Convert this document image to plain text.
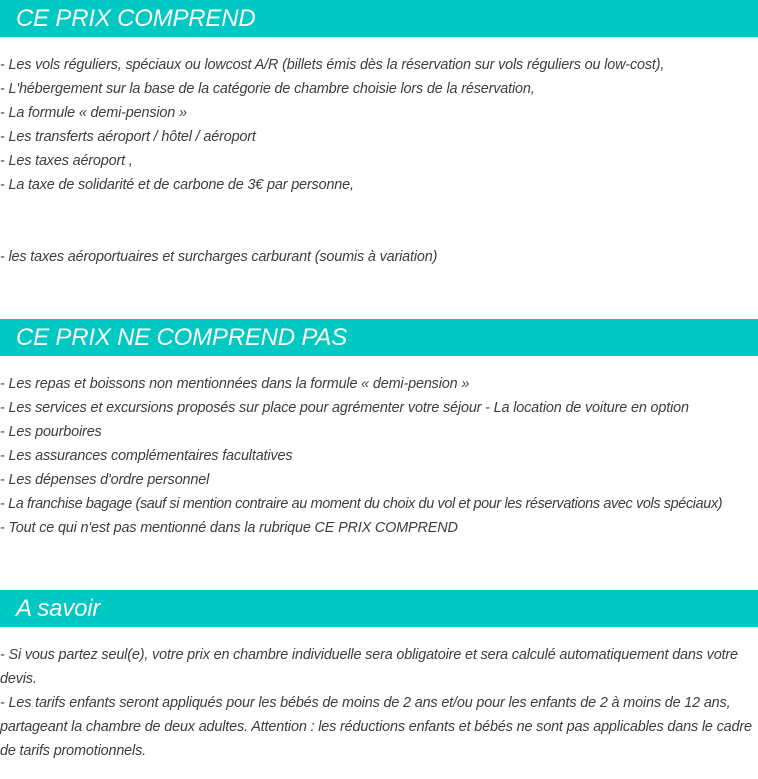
CE PRIX COMPREND
- Les vols réguliers, spéciaux ou lowcost A/R (billets émis dès la réservation sur vols réguliers ou low-cost),
- L'hébergement sur la base de la catégorie de chambre choisie lors de la réservation,
- La formule « demi-pension »
- Les transferts aéroport / hôtel / aéroport
- Les taxes aéroport ,
- La taxe de solidarité et de carbone de 3€ par personne,
- les taxes aéroportuaires et surcharges carburant (soumis à variation)
CE PRIX NE COMPREND PAS
- Les repas et boissons non mentionnées dans la formule « demi-pension »
- Les services et excursions proposés sur place pour agrémenter votre séjour - La location de voiture en option
- Les pourboires
- Les assurances complémentaires facultatives
- Les dépenses d'ordre personnel
- La franchise bagage (sauf si mention contraire au moment du choix du vol et pour les réservations avec vols spéciaux)
- Tout ce qui n'est pas mentionné dans la rubrique CE PRIX COMPREND
A savoir
- Si vous partez seul(e), votre prix en chambre individuelle sera obligatoire et sera calculé automatiquement dans votre devis.
- Les tarifs enfants seront appliqués pour les bébés de moins de 2 ans et/ou pour les enfants de 2 à moins de 12 ans, partageant la chambre de deux adultes. Attention : les réductions enfants et bébés ne sont pas applicables dans le cadre de tarifs promotionnels.
